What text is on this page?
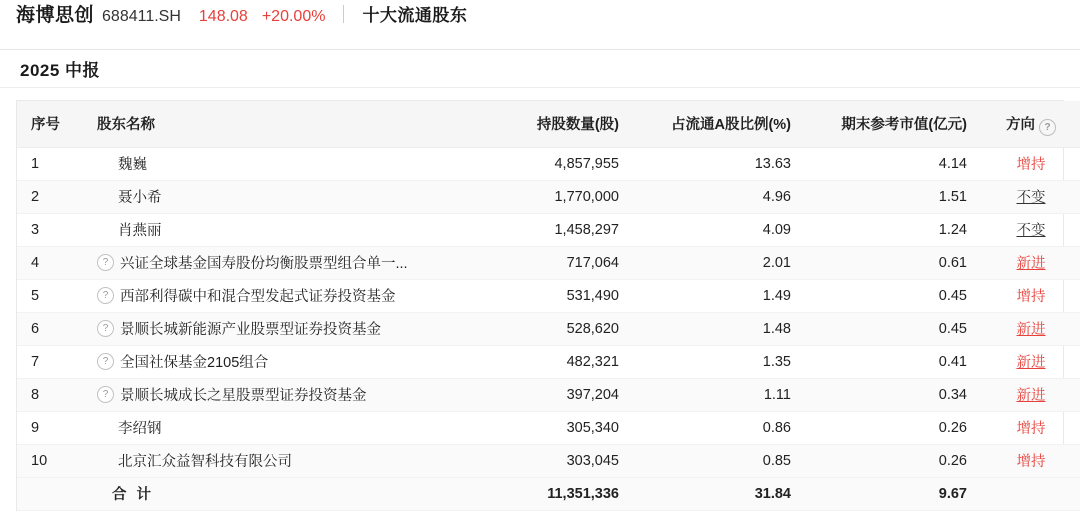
海博思创 688411.SH 148.08 +20.00% 十大流通股东
2025 中报
序号	股东名称	持股数量(股)	占流通A股比例(%)	期末参考市值(亿元)	方向 ?
1	魏巍	4,857,955	13.63	4.14	增持
2	聂小希	1,770,000	4.96	1.51	不变
3	肖燕丽	1,458,297	4.09	1.24	不变
4	? 兴证全球基金国寿股份均衡股票型组合单一...	717,064	2.01	0.61	新进
5	? 西部利得碳中和混合型发起式证券投资基金	531,490	1.49	0.45	增持
6	? 景顺长城新能源产业股票型证券投资基金	528,620	1.48	0.45	新进
7	? 全国社保基金2105组合	482,321	1.35	0.41	新进
8	? 景顺长城成长之星股票型证券投资基金	397,204	1.11	0.34	新进
9	李绍钢	305,340	0.86	0.26	增持
10	北京汇众益智科技有限公司	303,045	0.85	0.26	增持
	合 计	11,351,336	31.84	9.67	
